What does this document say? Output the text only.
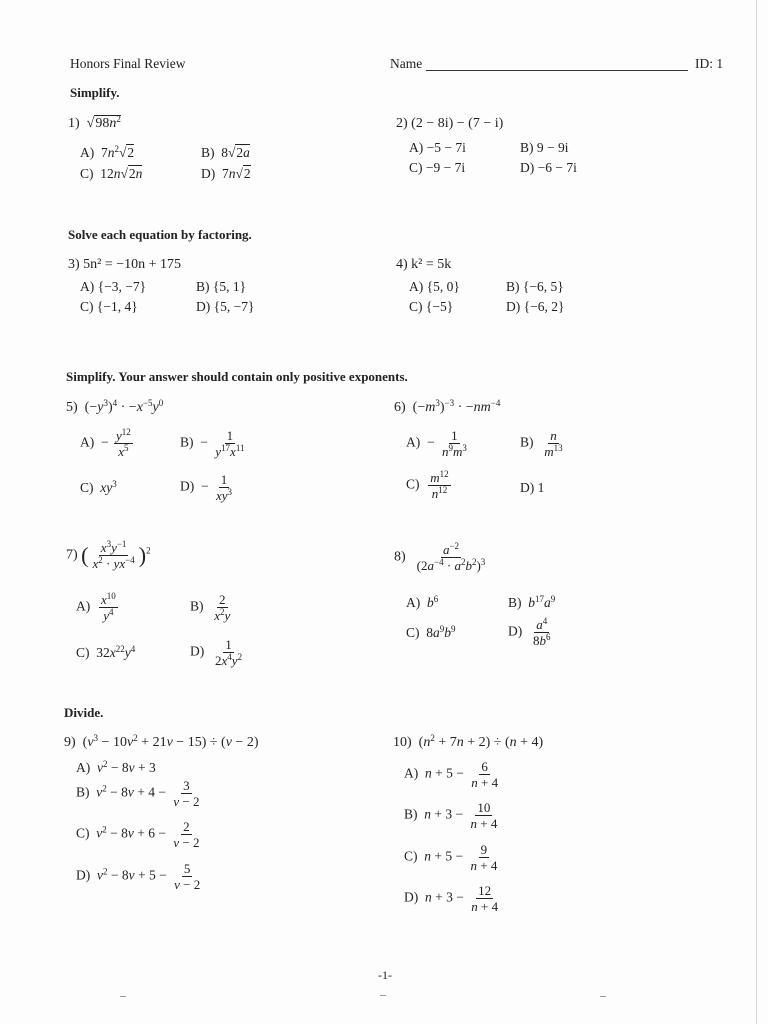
Honors Final Review	Name	ID: 1
Simplify.
1)  $√98n^2$
A)  $7n^2√2$	B)  8√2a
C)  12n√2n	D)  7n√2
2) (2 − 8i) − (7 − i)
A) −5 − 7i	B) 9 − 9i
C) −9 − 7i	D) −6 − 7i
Solve each equation by factoring.
3) 5n² = −10n + 175
A) {−3, −7}	B) {5, 1}
C) {−1, 4}	D) {5, −7}
4) k² = 5k
A) {5, 0}	B) {−6, 5}
C) {−5}	D) {−6, 2}
Simplify. Your answer should contain only positive exponents.
5)  $(-y^3)^4 \cdot -x^{-5}y^0$
$A) - \frac{y^{12}}{x^5}$	$B) - \frac{1}{y^{17}x^{11}}$
C)  $xy^3$	$D) - \frac{1}{xy^3}$
6)  $(-m^3)^{-3} \cdot -nm^{-4}$
$A) - \frac{1}{n^9m^3}$	$B) \frac{n}{m^{13}}$
$C) \frac{m^{12}}{n^{12}}$	D) 1
7) ( $\frac{x^3y^{-1}}{x^2 \cdot yx^{-4}} )^2$
$A) \frac{x^{10}}{y^4}$	$B) \frac{2}{x^2y}$
C)  $32x^{22}y^4$	$D) \frac{1}{2x^4y^2}$
$8) \frac{a^{-2}}{(2a^{-4} \cdot a^2b^2)^3}$
A)  $b^6$	B)  $b^{17}a^9$
C)  $8a^9b^9$	$D) \frac{a^4}{8b^6}$
Divide.
9)  $(v^3 - 10v^2 + 21v - 15) \div (v - 2)$
A)  $v^2 - 8v + 3$
B)  $v^2 - 8v + 4 - \frac{3}{v - 2}$
C)  $v^2 - 8v + 6 - \frac{2}{v - 2}$
D)  $v^2 - 8v + 5 - \frac{5}{v - 2}$
10)  $(n^2 + 7n + 2) \div (n + 4)$
A)  $n + 5 - \frac{6}{n + 4}$
B)  $n + 3 - \frac{10}{n + 4}$
C)  $n + 5 - \frac{9}{n + 4}$
D)  $n + 3 - \frac{12}{n + 4}$
-1-
